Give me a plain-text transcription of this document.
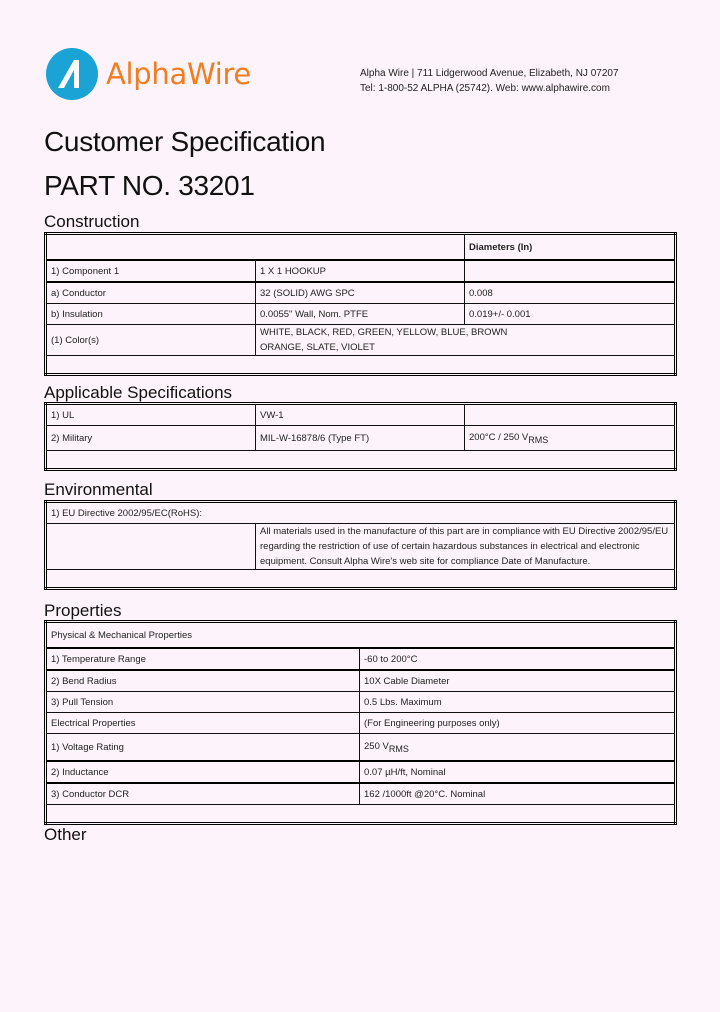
AlphaWire	Alpha Wire | 711 Lidgerwood Avenue, Elizabeth, NJ 07207
Tel: 1-800-52 ALPHA (25742). Web: www.alphawire.com
Customer Specification
PART NO. 33201
Construction
		Diameters (In)
1) Component 1	1 X 1 HOOKUP	
a) Conductor	32 (SOLID) AWG SPC	0.008
b) Insulation	0.0055" Wall, Nom. PTFE	0.019+/- 0.001
(1) Color(s)	WHITE, BLACK, RED, GREEN, YELLOW, BLUE, BROWN
ORANGE, SLATE, VIOLET	

Applicable Specifications
1) UL	VW-1	
2) Military	MIL-W-16878/6 (Type FT)	200°C / 250 $V_{RMS}$

Environmental
1) EU Directive 2002/95/EC(RoHS):
	All materials used in the manufacture of this part are in compliance with EU Directive 2002/95/EU regarding the restriction of use of certain hazardous substances in electrical and electronic equipment. Consult Alpha Wire's web site for compliance Date of Manufacture.

Properties
Physical & Mechanical Properties	
1) Temperature Range	-60 to 200°C
2) Bend Radius	10X Cable Diameter
3) Pull Tension	0.5 Lbs. Maximum
Electrical Properties	(For Engineering purposes only)
1) Voltage Rating	250 $V_{RMS}$
2) Inductance	0.07 µH/ft, Nominal
3) Conductor DCR	162 /1000ft @20°C. Nominal

Other
